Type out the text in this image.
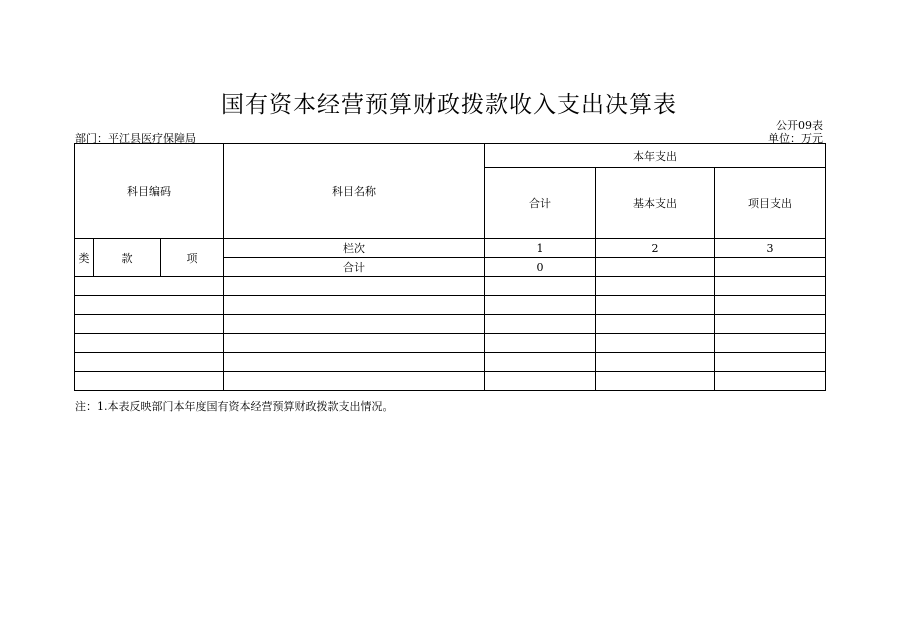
国有资本经营预算财政拨款收入支出决算表
公开09表
部门：平江县医疗保障局	单位：万元
科目编码			科目名称	本年支出		
				合计	基本支出	项目支出
类	款	项	栏次	1	2	3
			合计	0		

注：1.本表反映部门本年度国有资本经营预算财政拨款支出情况。
